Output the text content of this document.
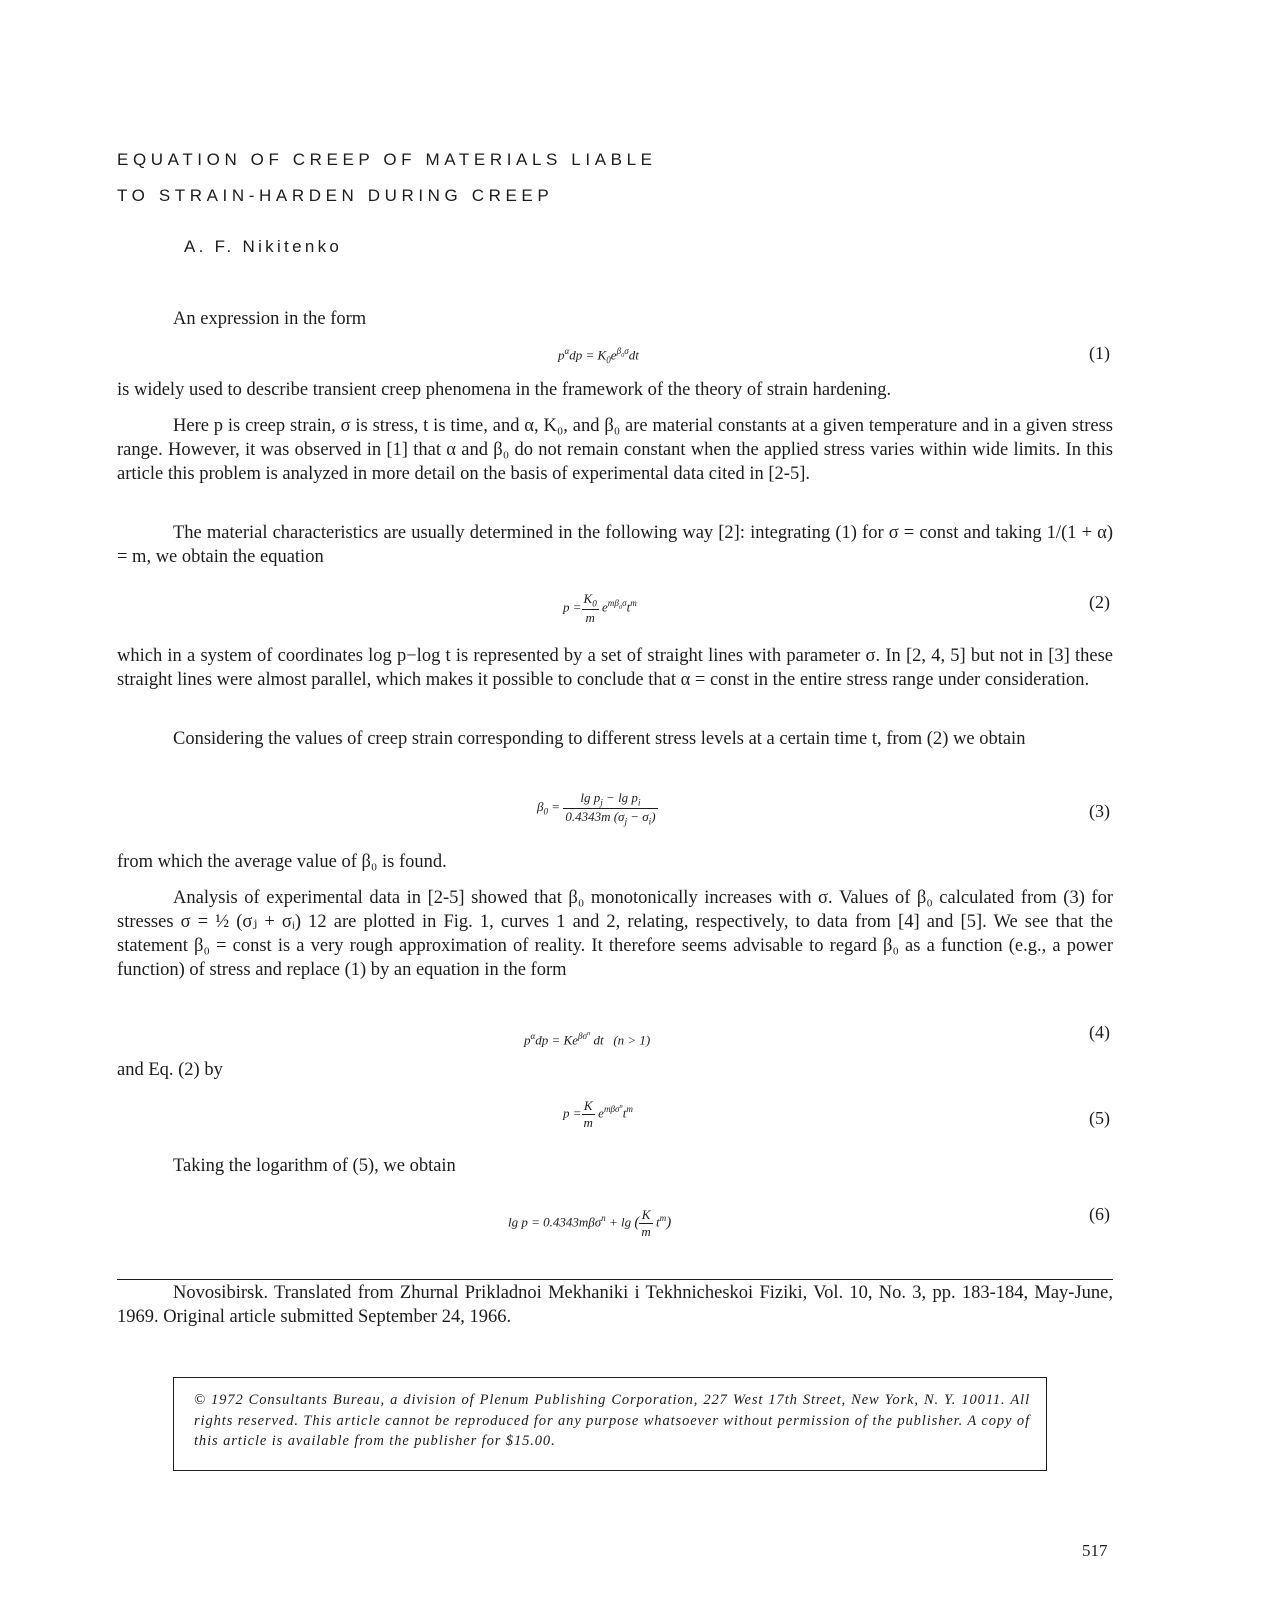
EQUATION OF CREEP OF MATERIALS LIABLE
TO STRAIN-HARDEN DURING CREEP
A. F. Nikitenko

An expression in the form

$p^\alpha dp = K_0e^{\beta_0\sigma}dt$	(1)

is widely used to describe transient creep phenomena in the framework of the theory of strain hardening.

Here p is creep strain, σ is stress, t is time, and α, K₀, and β₀ are material constants at a given temperature and in a given stress range. However, it was observed in [1] that α and β₀ do not remain constant when the applied stress varies within wide limits. In this article this problem is analyzed in more detail on the basis of experimental data cited in [2-5].

The material characteristics are usually determined in the following way [2]: integrating (1) for σ = const and taking 1/(1 + α) = m, we obtain the equation

$p = \frac{K_0}{m} e^{m\beta_0\sigma}t^m$	(2)

which in a system of coordinates log p−log t is represented by a set of straight lines with parameter σ. In [2, 4, 5] but not in [3] these straight lines were almost parallel, which makes it possible to conclude that α = const in the entire stress range under consideration.

Considering the values of creep strain corresponding to different stress levels at a certain time t, from (2) we obtain

$\beta_0 = \frac{\lg p_j - \lg p_i}{0.4343m (\sigma_j - \sigma_i)}$	(3)

from which the average value of β₀ is found.

Analysis of experimental data in [2-5] showed that β₀ monotonically increases with σ. Values of β₀ calculated from (3) for stresses σ = ½ (σⱼ + σᵢ) 12 are plotted in Fig. 1, curves 1 and 2, relating, respectively, to data from [4] and [5]. We see that the statement β₀ = const is a very rough approximation of reality. It therefore seems advisable to regard β₀ as a function (e.g., a power function) of stress and replace (1) by an equation in the form

$p^\alpha dp = Ke^{\beta\sigma^n}$ dt   (n > 1)	(4)

and Eq. (2) by

$p = \frac{K}{m} e^{m\beta\sigma^n}t^m$	(5)

Taking the logarithm of (5), we obtain

lg p = 0.4343mβσ$^n$ + lg ( $\frac{K}{m} t^m$)	(6)

Novosibirsk. Translated from Zhurnal Prikladnoi Mekhaniki i Tekhnicheskoi Fiziki, Vol. 10, No. 3, pp. 183-184, May-June, 1969. Original article submitted September 24, 1966.

© 1972 Consultants Bureau, a division of Plenum Publishing Corporation, 227 West 17th Street, New York, N. Y. 10011. All rights reserved. This article cannot be reproduced for any purpose whatsoever without permission of the publisher. A copy of this article is available from the publisher for $15.00.

517
